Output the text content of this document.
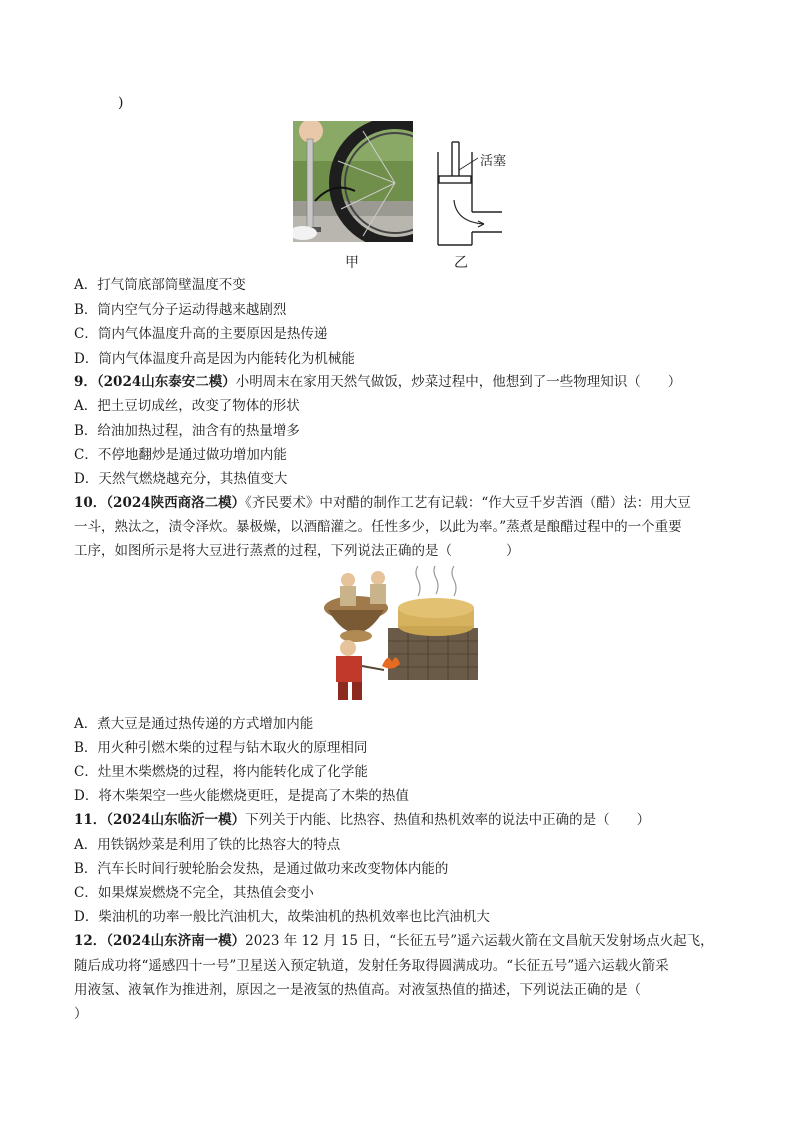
)
甲
活塞
乙
A．打气筒底部筒壁温度不变
B．筒内空气分子运动得越来越剧烈
C．筒内气体温度升高的主要原因是热传递
D．筒内气体温度升高是因为内能转化为机械能
9．（2024山东泰安二模）小明周末在家用天然气做饭，炒菜过程中，他想到了一些物理知识（　　）
A．把土豆切成丝，改变了物体的形状
B．给油加热过程，油含有的热量增多
C．不停地翻炒是通过做功增加内能
D．天然气燃烧越充分，其热值变大
10．（2024陕西商洛二模）《齐民要术》中对醋的制作工艺有记载：“作大豆千岁苦酒（醋）法：用大豆
一斗，熟汰之，渍令泽炊。暴极燥，以酒醅灌之。任性多少，以此为率。”蒸煮是酿醋过程中的一个重要
工序，如图所示是将大豆进行蒸煮的过程，下列说法正确的是（　　　　）
A．煮大豆是通过热传递的方式增加内能
B．用火种引燃木柴的过程与钻木取火的原理相同
C．灶里木柴燃烧的过程，将内能转化成了化学能
D．将木柴架空一些火能燃烧更旺，是提高了木柴的热值
11．（2024山东临沂一模）下列关于内能、比热容、热值和热机效率的说法中正确的是（　　）
A．用铁锅炒菜是利用了铁的比热容大的特点
B．汽车长时间行驶轮胎会发热，是通过做功来改变物体内能的
C．如果煤炭燃烧不完全，其热值会变小
D．柴油机的功率一般比汽油机大，故柴油机的热机效率也比汽油机大
12．（2024山东济南一模）2023 年 12 月 15 日，“长征五号”遥六运载火箭在文昌航天发射场点火起飞，
随后成功将“遥感四十一号”卫星送入预定轨道，发射任务取得圆满成功。“长征五号”遥六运载火箭采
用液氢、液氧作为推进剂，原因之一是液氢的热值高。对液氢热值的描述，下列说法正确的是（
）
